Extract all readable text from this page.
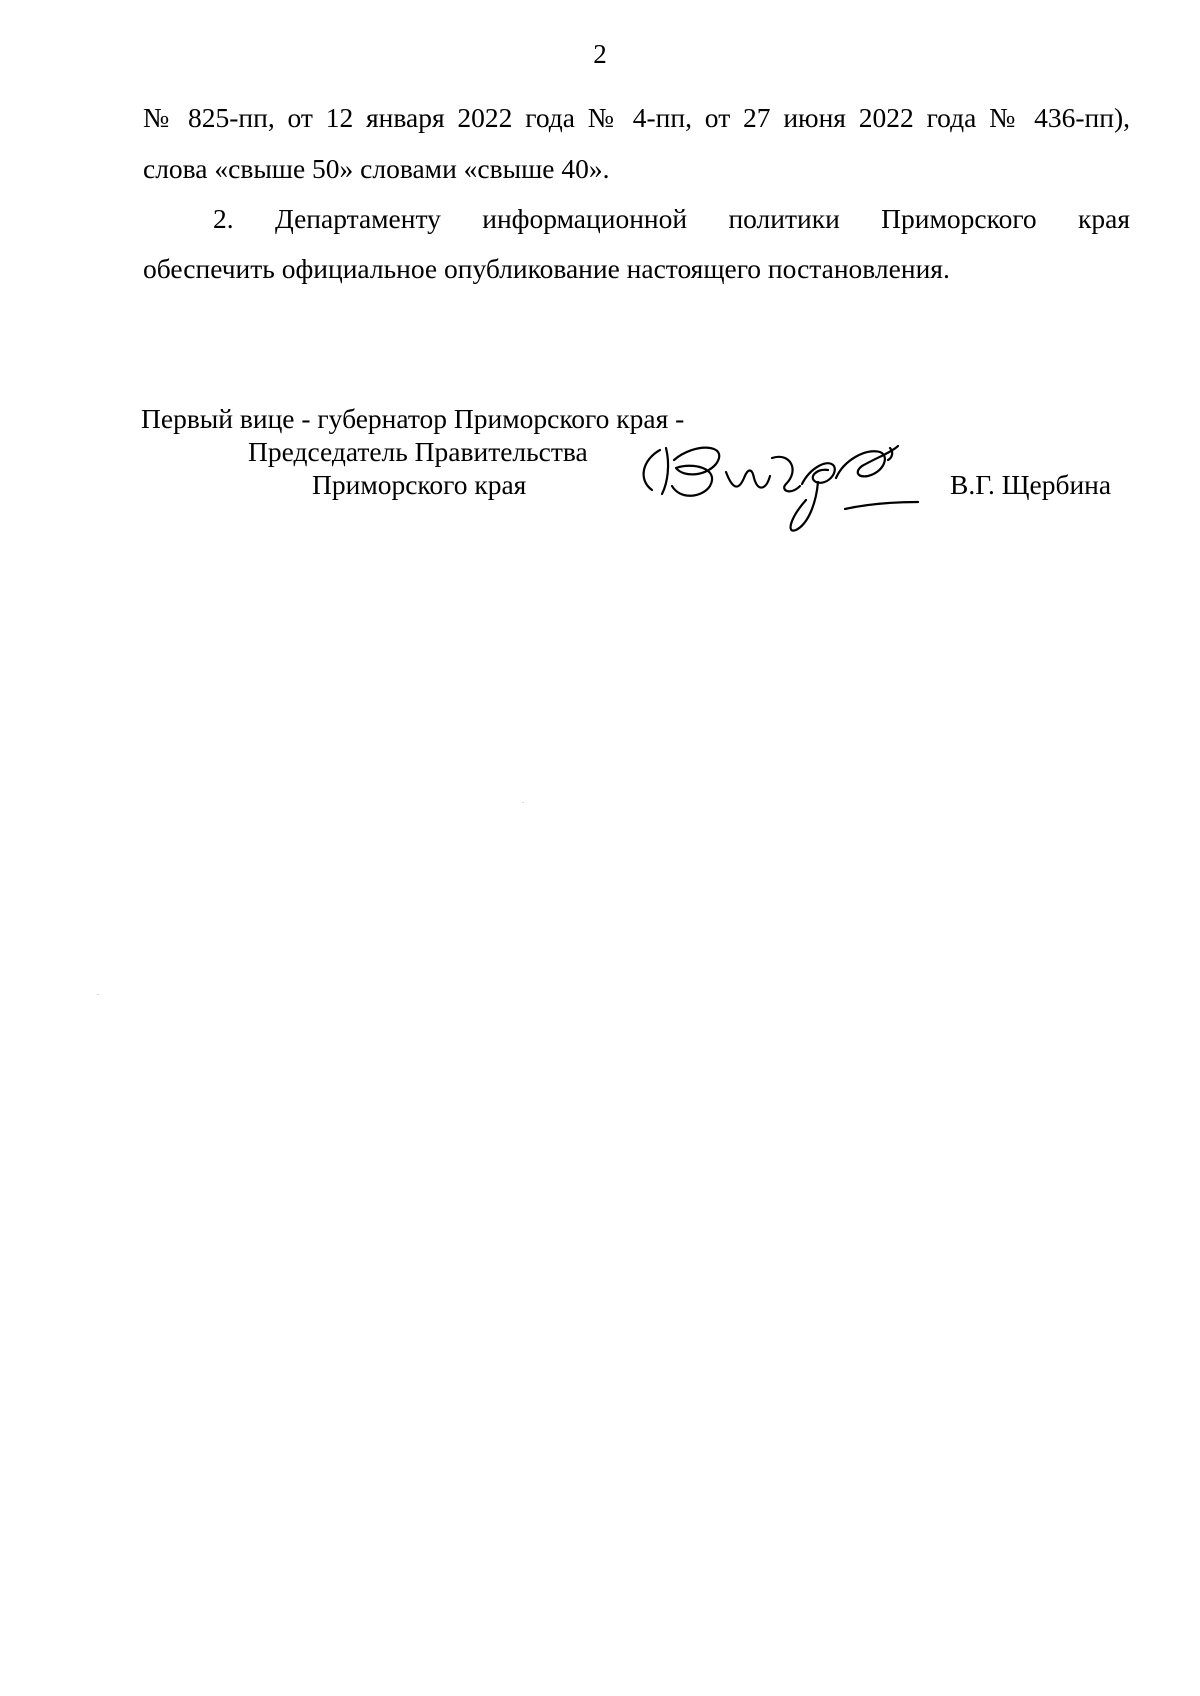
2
№ 825-пп, от 12 января 2022 года № 4-пп, от 27 июня 2022 года № 436-пп),
слова «свыше 50» словами «свыше 40».
2. Департаменту информационной политики Приморского края
обеспечить официальное опубликование настоящего постановления.
Первый вице - губернатор Приморского края -
Председатель Правительства
Приморского края	В.Г. Щербина
